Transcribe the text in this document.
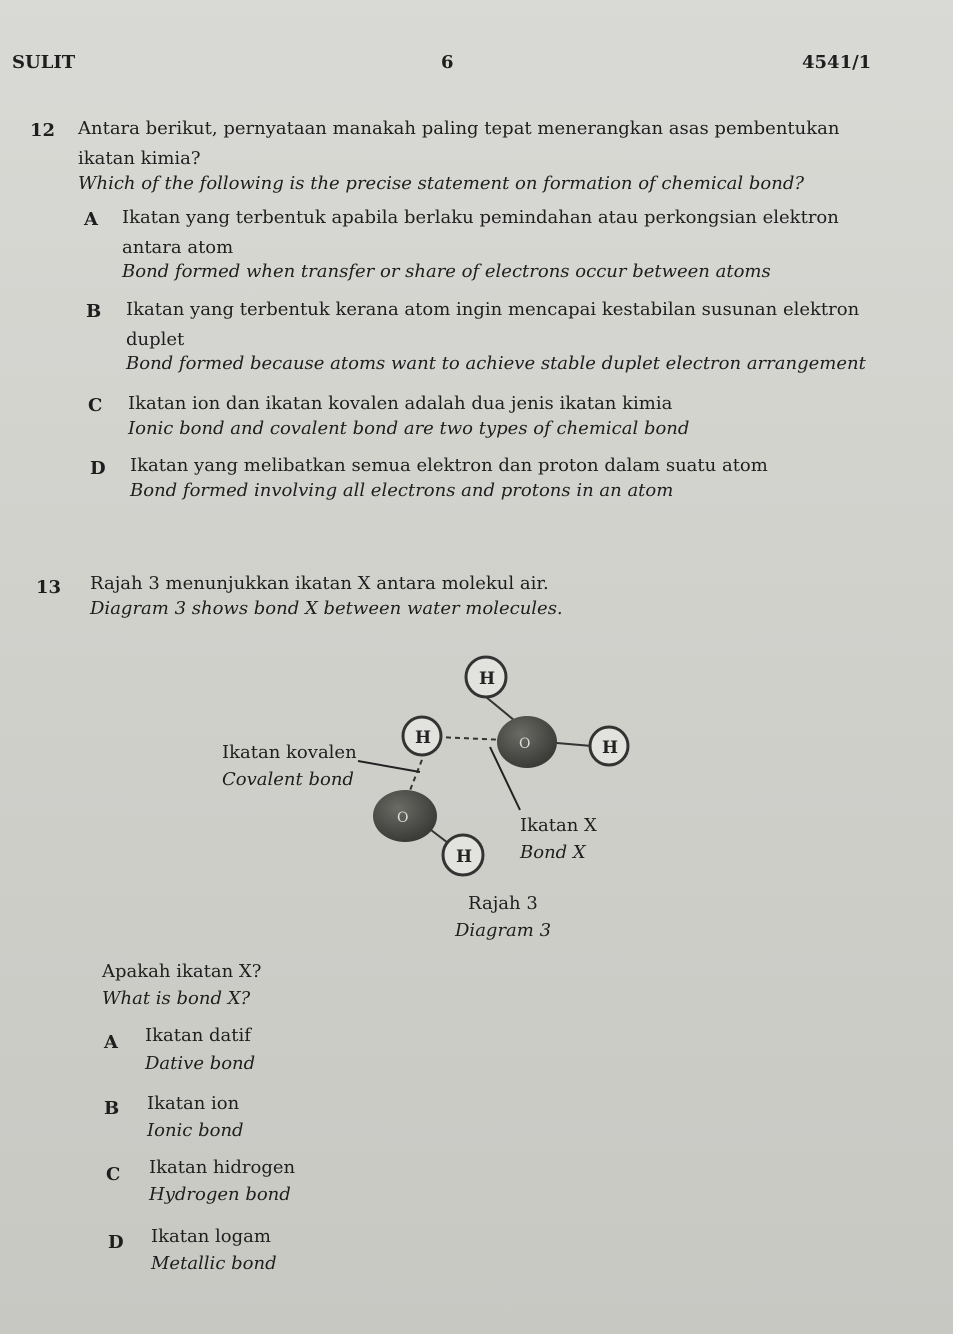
SULIT	6	4541/1
12 Antara berikut, pernyataan manakah paling tepat menerangkan asas pembentukan
ikatan kimia?
Which of the following is the precise statement on formation of chemical bond?
A Ikatan yang terbentuk apabila berlaku pemindahan atau perkongsian elektron
antara atom
Bond formed when transfer or share of electrons occur between atoms
B Ikatan yang terbentuk kerana atom ingin mencapai kestabilan susunan elektron
duplet
Bond formed because atoms want to achieve stable duplet electron arrangement
C Ikatan ion dan ikatan kovalen adalah dua jenis ikatan kimia
Ionic bond and covalent bond are two types of chemical bond
D Ikatan yang melibatkan semua elektron dan proton dalam suatu atom
Bond formed involving all electrons and protons in an atom
13 Rajah 3 menunjukkan ikatan X antara molekul air.
Diagram 3 shows bond X between water molecules.
Ikatan kovalen
Covalent bond
Ikatan X
Bond X
Rajah 3
Diagram 3
O
O
H
H
H
H
Apakah ikatan X?
What is bond X?
A Ikatan datif
Dative bond
B Ikatan ion
Ionic bond
C Ikatan hidrogen
Hydrogen bond
D Ikatan logam
Metallic bond
